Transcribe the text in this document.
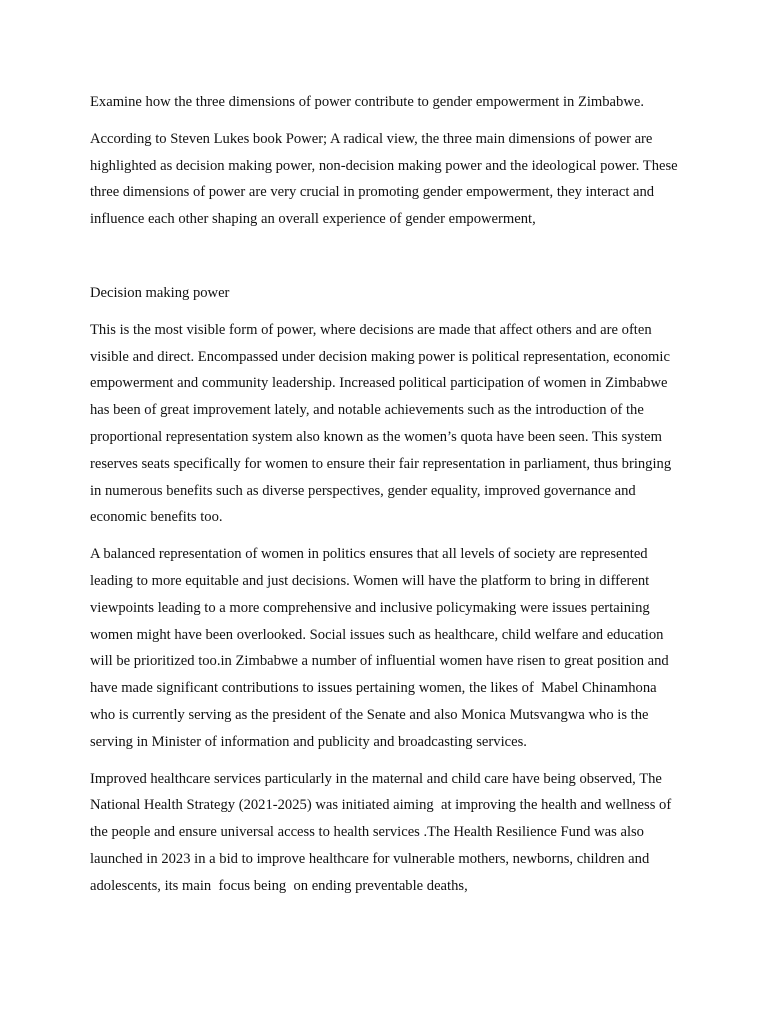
Examine how the three dimensions of power contribute to gender empowerment in Zimbabwe.

According to Steven Lukes book Power; A radical view, the three main dimensions of power are highlighted as decision making power, non-decision making power and the ideological power. These three dimensions of power are very crucial in promoting gender empowerment, they interact and influence each other shaping an overall experience of gender empowerment,

Decision making power

This is the most visible form of power, where decisions are made that affect others and are often visible and direct. Encompassed under decision making power is political representation, economic empowerment and community leadership. Increased political participation of women in Zimbabwe has been of great improvement lately, and notable achievements such as the introduction of the proportional representation system also known as the women’s quota have been seen. This system reserves seats specifically for women to ensure their fair representation in parliament, thus bringing in numerous benefits such as diverse perspectives, gender equality, improved governance and economic benefits too.

A balanced representation of women in politics ensures that all levels of society are represented leading to more equitable and just decisions. Women will have the platform to bring in different viewpoints leading to a more comprehensive and inclusive policymaking were issues pertaining women might have been overlooked. Social issues such as healthcare, child welfare and education will be prioritized too.in Zimbabwe a number of influential women have risen to great position and have made significant contributions to issues pertaining women, the likes of  Mabel Chinamhona who is currently serving as the president of the Senate and also Monica Mutsvangwa who is the serving in Minister of information and publicity and broadcasting services.

Improved healthcare services particularly in the maternal and child care have being observed, The National Health Strategy (2021-2025) was initiated aiming  at improving the health and wellness of the people and ensure universal access to health services .The Health Resilience Fund was also launched in 2023 in a bid to improve healthcare for vulnerable mothers, newborns, children and adolescents, its main  focus being  on ending preventable deaths,
